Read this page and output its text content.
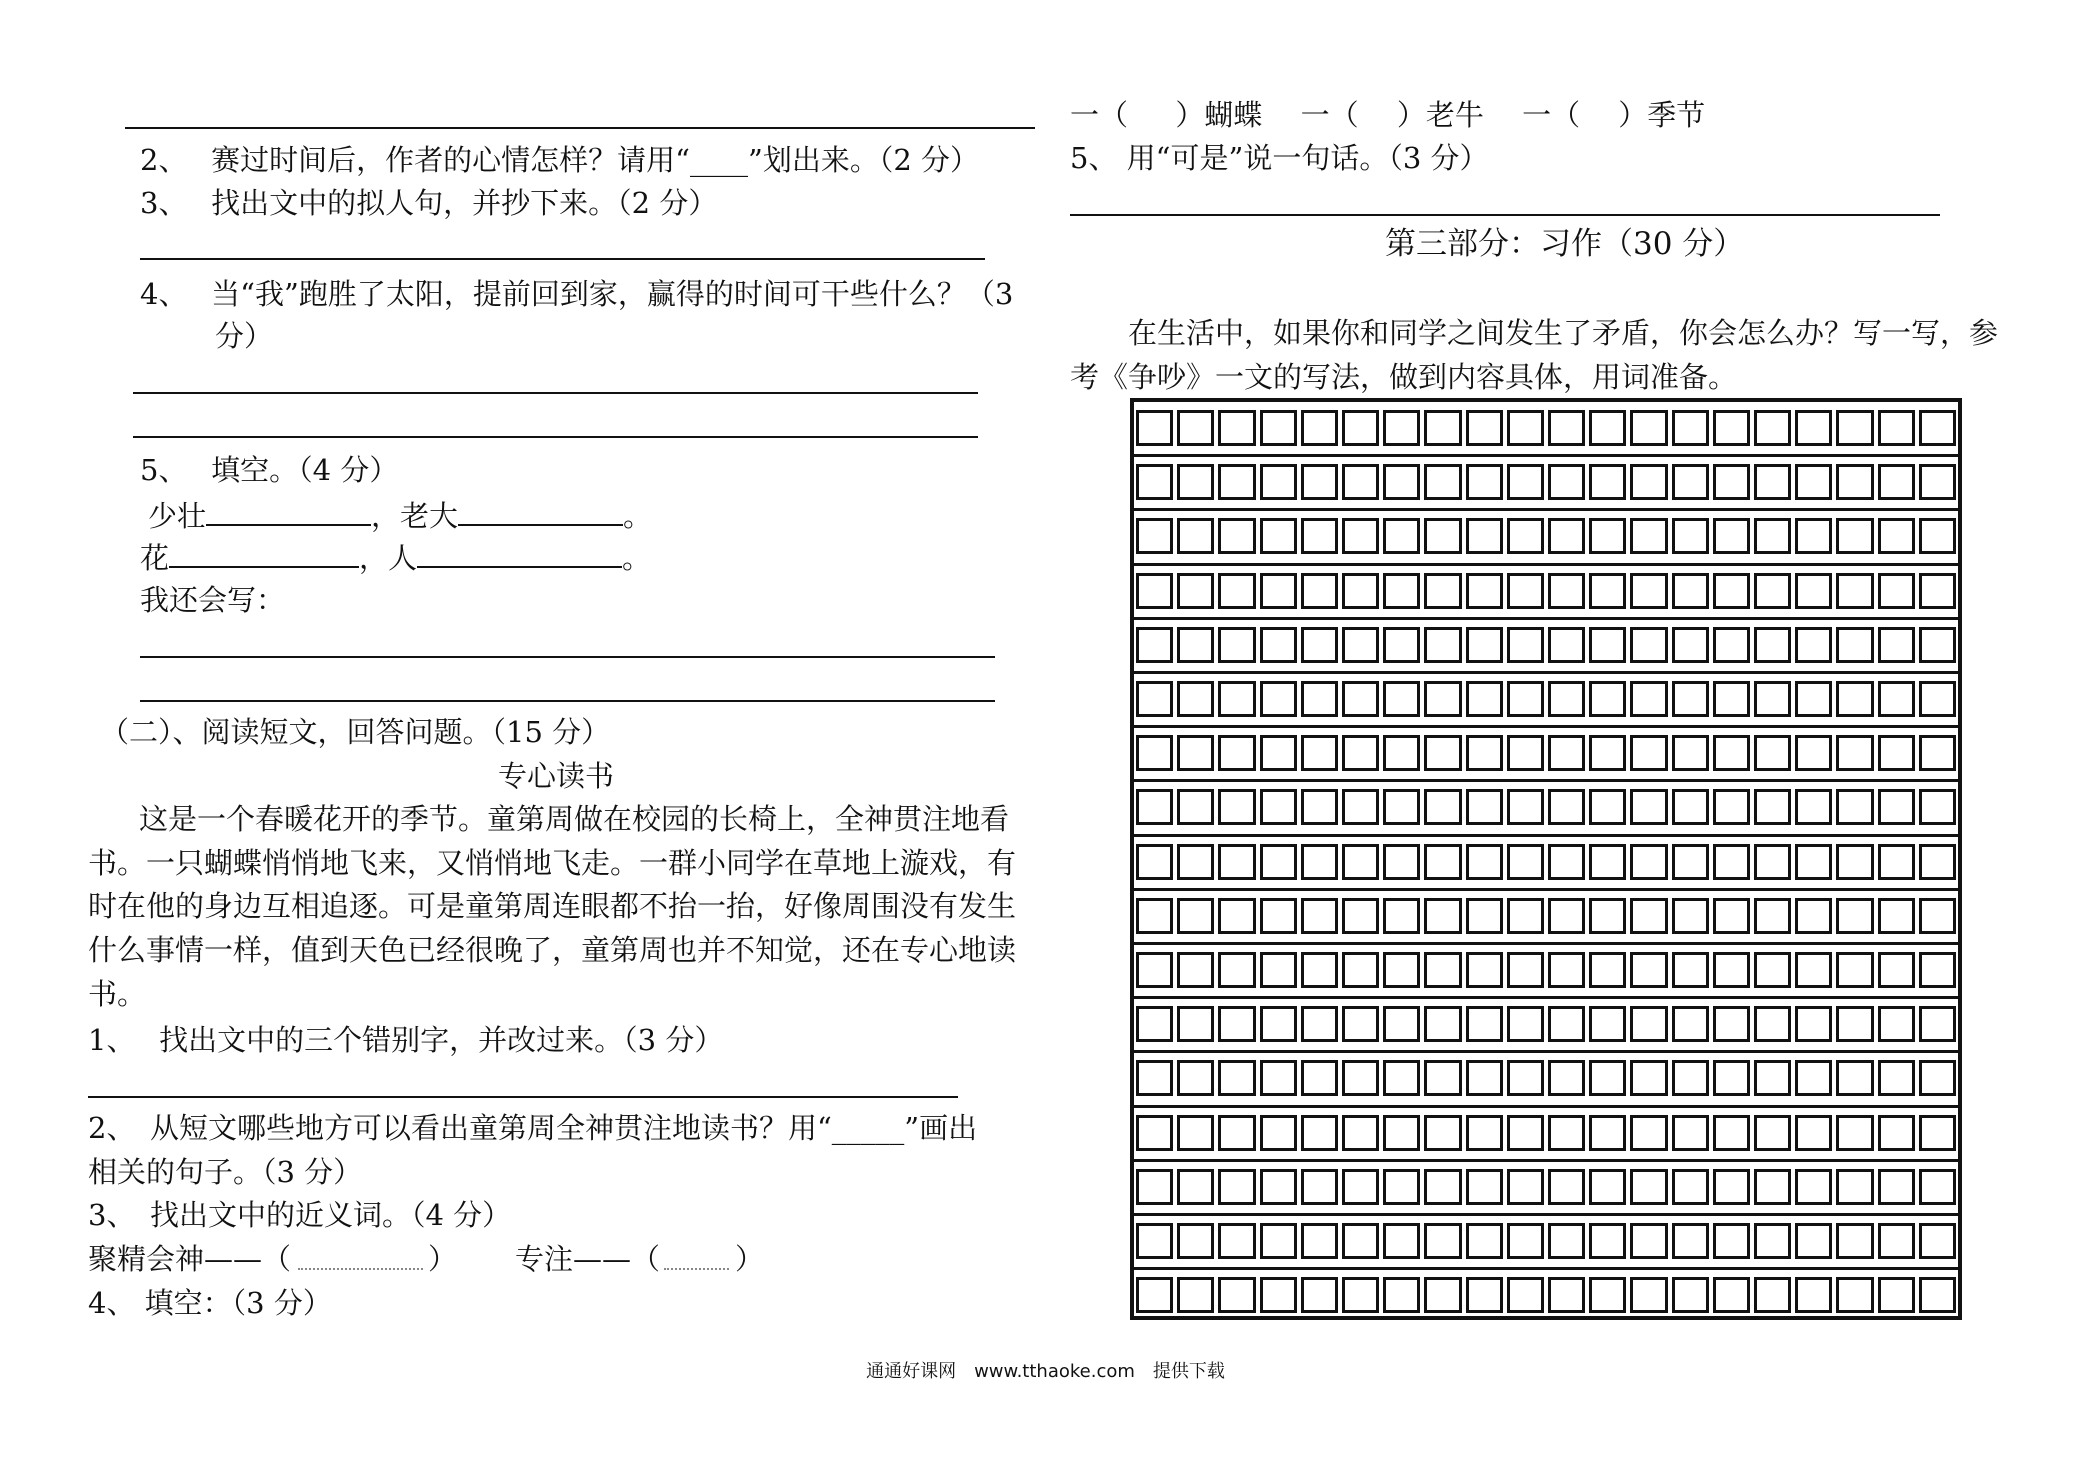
2、　 赛过时间后，作者的心情怎样？请用“____”划出来。（2 分）
3、　 找出文中的拟人句，并抄下来。（2 分）
4、　 当“我”跑胜了太阳，提前回到家，赢得的时间可干些什么？（3
分）
5、　 填空。（4 分）
少壮	，老大	。
花	，人	。
我还会写：
（二）、阅读短文，回答问题。（15 分）
专心读书
　这是一个春暖花开的季节。童第周做在校园的长椅上，全神贯注地看
书。一只蝴蝶悄悄地飞来，又悄悄地飞走。一群小同学在草地上漩戏，有
时在他的身边互相追逐。可是童第周连眼都不抬一抬，好像周围没有发生
什么事情一样，值到天色已经很晚了，童第周也并不知觉，还在专心地读
书。
1、　 找出文中的三个错别字，并改过来。（3 分）
2、　从短文哪些地方可以看出童第周全神贯注地读书？用“_____”画出
相关的句子。（3 分）
3、　找出文中的近义词。（4 分）
聚精会神——（	） 专注——（	）
4、 填空：（3 分）
一（ 　 ）蝴蝶　 一（　 ）老牛　 一（　 ）季节
5、 用“可是”说一句话。（3 分）
第三部分：习作（30 分）
　　在生活中，如果你和同学之间发生了矛盾，你会怎么办？写一写，参
考《争吵》一文的写法，做到内容具体，用词准备。
通通好课网　www.tthaoke.com　提供下载
